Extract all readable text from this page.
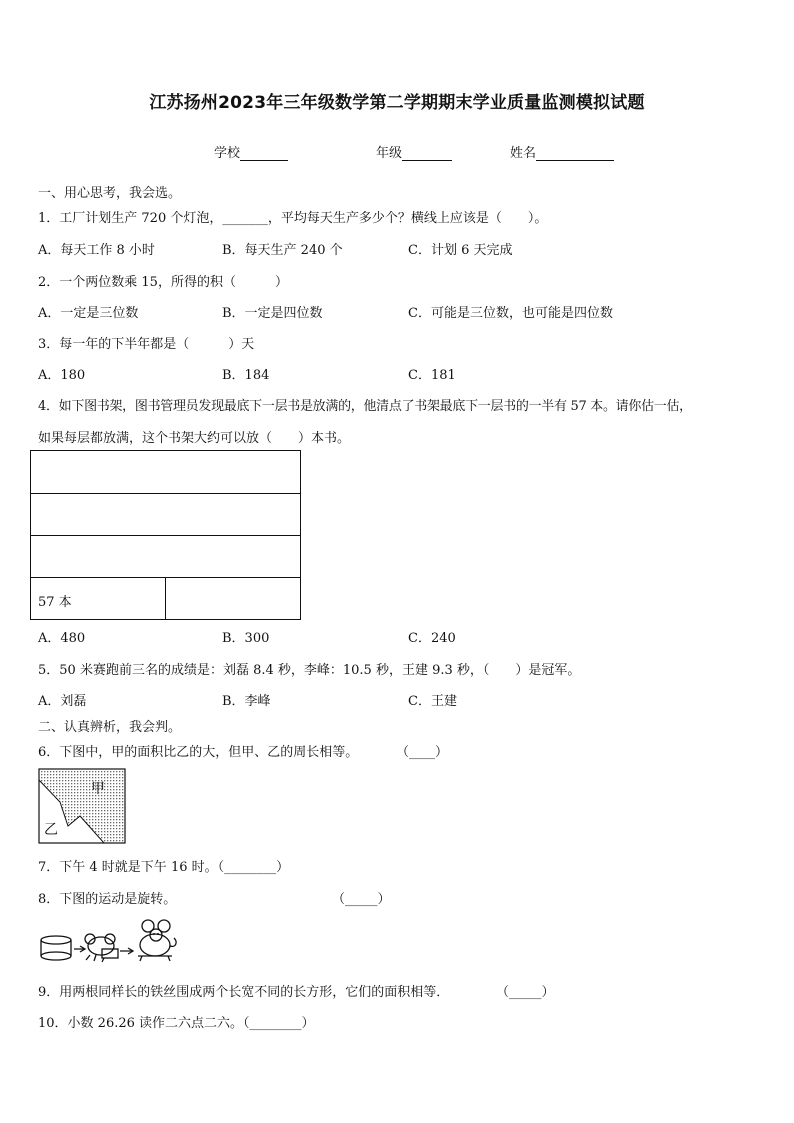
江苏扬州2023年三年级数学第二学期期末学业质量监测模拟试题
学校	年级	姓名
一、用心思考，我会选。
1．工厂计划生产 720 个灯泡，_______，平均每天生产多少个？横线上应该是（　　）。
A．每天工作 8 小时	B．每天生产 240 个	C．计划 6 天完成
2．一个两位数乘 15，所得的积（　　　）
A．一定是三位数	B．一定是四位数	C．可能是三位数，也可能是四位数
3．每一年的下半年都是（　　　）天
A．180	B．184	C．181
4．如下图书架，图书管理员发现最底下一层书是放满的，他清点了书架最底下一层书的一半有 57 本。请你估一估，
如果每层都放满，这个书架大约可以放（　　）本书。
57 本
A．480	B．300	C．240
5．50 米赛跑前三名的成绩是：刘磊 8.4 秒，李峰：10.5 秒，王建 9.3 秒，（　　）是冠军。
A．刘磊	B．李峰	C．王建
二、认真辨析，我会判。
6．下图中，甲的面积比乙的大，但甲、乙的周长相等。	（____）
甲
乙
7．下午 4 时就是下午 16 时。（________）
8．下图的运动是旋转。	（_____）
9．用两根同样长的铁丝围成两个长宽不同的长方形，它们的面积相等．	（_____）
10．小数 26.26 读作二六点二六。（________）
